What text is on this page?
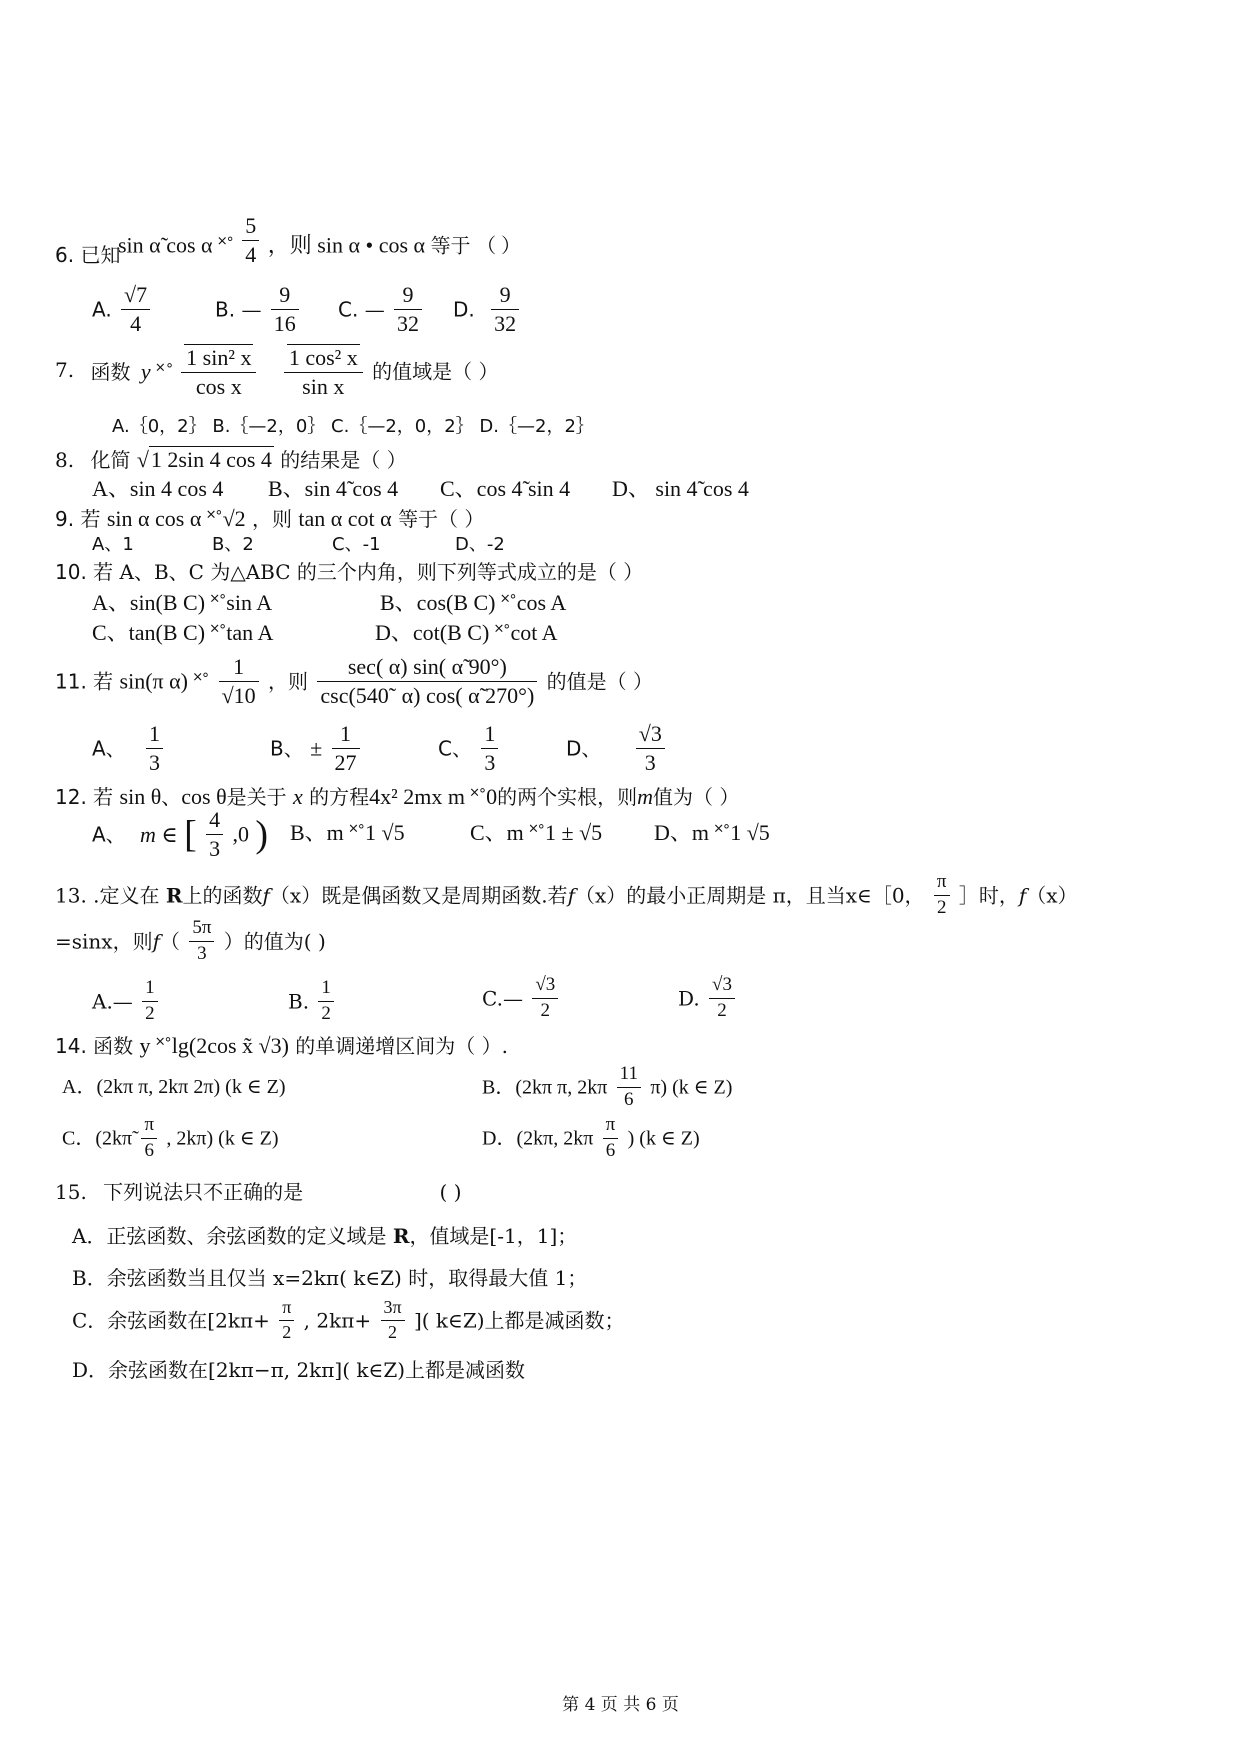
6. 已知
sin α̃ cos α ˟˚ $\frac{5}{4}$ ，则 sin α • cos α 等于 （ ）
A. $\frac{√7}{4}$	B. — $\frac{9}{16} C$. — $\frac{9}{32} D$. $\frac{9}{32}$
7. 函数 y ˟˚ $\frac{\text{1 sin² x}}{\text{cos x}}$
$\frac{\text{1 cos² x}}{\text{sin x}}$ 的值域是（ ）
A.｛0，2｝ B.｛—2，0｝ C.｛—2，0，2｝ D.｛—2，2｝
8. 化简 √1 2sin 4 cos 4 的结果是（ ）
A、sin 4 cos 4 B、sin 4̃ cos 4 C、cos 4̃ sin 4 D、 sin 4̃ cos 4
9. 若 sin α cos α ˟˚√2 ，则 tan α cot α 等于（ ）
A、1	B、2	C、-1	D、-2
10. 若 A、B、C 为△ABC 的三个内角，则下列等式成立的是（ ）
A、sin(B C) ˟˚sin A	B、cos(B C) ˟˚cos A
C、tan(B C) ˟˚tan A	D、cot(B C) ˟˚cot A
11. 若 sin(π α) ˟˚ $\frac{1}{√10}$ ，则 $\frac{\sec( \alpha) \sin( \alphã 90^\circ)}{\csc(540˜ \alpha) \cos( \alphã 270^\circ)}$ 的值是（ ）
A、 $\frac{1}{3}$	B、 ± $\frac{1}{27}$	C、 $\frac{1}{3}$	D、 $\frac{√3}{3}$
12. 若 sin θ、cos θ是关于 x 的方程4x² 2mx m ˟˚0的两个实根，则m值为（ ）
A、 m ∈ [ $\frac{4}{3} ,0$ ) B、m ˟˚1 √5	C、m ˟˚1 ± √5 D、m ˟˚1 √5
13. .定义在 R上的函数f（x）既是偶函数又是周期函数.若f（x）的最小正周期是 π，且当x∈［0， $\frac{\pi}{2}$ ］时，f（x）
=sinx，则$f( \frac{5\pi}{3}$ ）的值为( )
A.— $\frac{1}{2}$	B. $\frac{1}{2}$	C.— $\frac{√3}{2}$	D. $\frac{√3}{2}$
14. 函数 y ˟˚lg(2cos x̃ √3) 的单调递增区间为（ ）.
A．(2kπ π, 2kπ 2π) (k ∈ Z)	B．(2kπ π, $2k\pi \frac{11}{6} \pi$) (k ∈ Z)
C．(2kπ̃ $\frac{\pi}{6}$ , 2kπ) (k ∈ Z)	D．(2kπ, $2k\pi \frac{\pi}{6}$ ) (k ∈ Z)
15. 下列说法只不正确的是	( )
A．正弦函数、余弦函数的定义域是 R，值域是[-1，1]；
B．余弦函数当且仅当 x=2kπ( k∈Z) 时，取得最大值 1；
C．余弦函数在[$2k\pi+ \frac{\pi}{2}$ , $2k\pi+ \frac{3\pi}{2}$ ]( k∈Z)上都是减函数；
D．余弦函数在[2kπ−π, 2kπ]( k∈Z)上都是减函数
第 4 页 共 6 页
